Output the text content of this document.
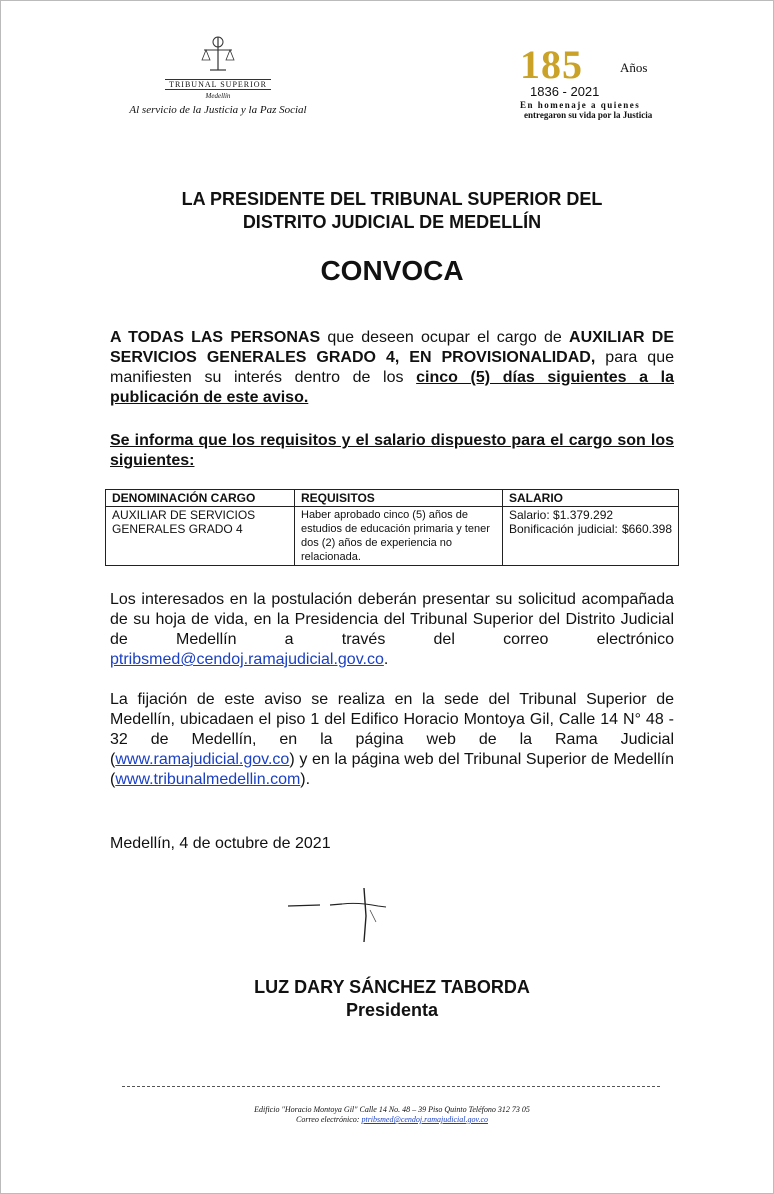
TRIBUNAL SUPERIOR
Medellín
Al servicio de la Justicia y la Paz Social
185	Años
1836 - 2021
En homenaje a quienes
entregaron su vida por la Justicia
LA PRESIDENTE DEL TRIBUNAL SUPERIOR DEL
DISTRITO JUDICIAL DE MEDELLÍN
CONVOCA
A TODAS LAS PERSONAS que deseen ocupar el cargo de AUXILIAR DE SERVICIOS GENERALES GRADO 4, EN PROVISIONALIDAD, para que manifiesten su interés dentro de los cinco (5) días siguientes a la publicación de este aviso.
Se informa que los requisitos y el salario dispuesto para el cargo son los siguientes:
DENOMINACIÓN CARGO	REQUISITOS	SALARIO
AUXILIAR DE SERVICIOS GENERALES GRADO 4	Haber aprobado cinco (5) años de estudios de educación primaria y tener dos (2) años de experiencia no relacionada.	Salario: $1.379.292
Bonificación judicial: $660.398
Los interesados en la postulación deberán presentar su solicitud acompañada de su hoja de vida, en la Presidencia del Tribunal Superior del Distrito Judicial de Medellín a través del correo electrónico ptribsmed@cendoj.ramajudicial.gov.co.
La fijación de este aviso se realiza en la sede del Tribunal Superior de Medellín, ubicadaen el piso 1 del Edifico Horacio Montoya Gil, Calle 14 N° 48 - 32 de Medellín, en la página web de la Rama Judicial (www.ramajudicial.gov.co) y en la página web del Tribunal Superior de Medellín (www.tribunalmedellin.com).
Medellín, 4 de octubre de 2021
LUZ DARY SÁNCHEZ TABORDA
Presidenta
Edificio "Horacio Montoya Gil" Calle 14 No. 48 – 39 Piso Quinto Teléfono 312 73 05
Correo electrónico: ptribsmed@cendoj.ramajudicial.gov.co
